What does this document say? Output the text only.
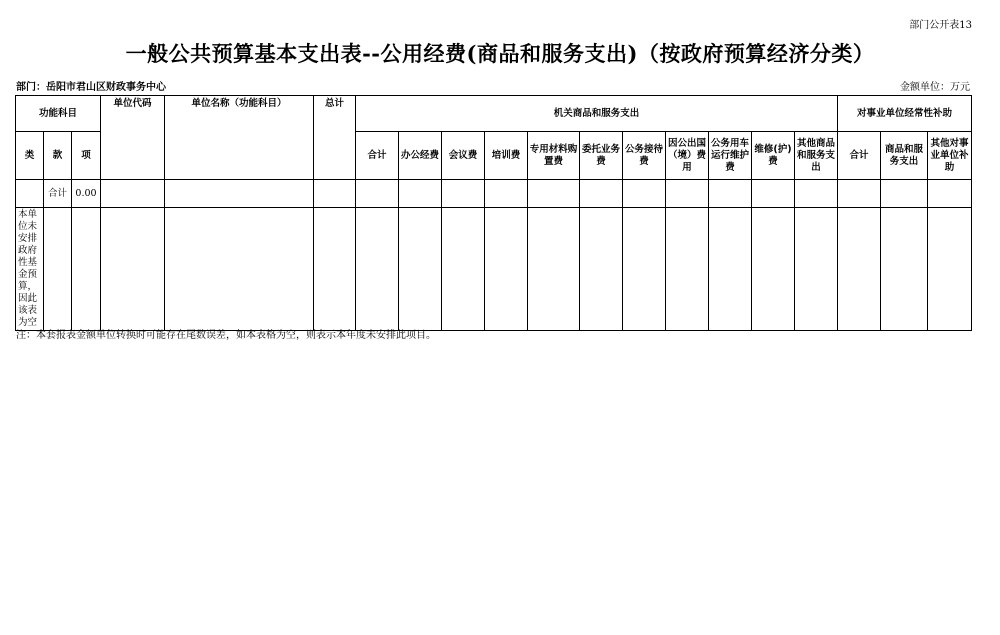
部门公开表13
一般公共预算基本支出表--公用经费(商品和服务支出)（按政府预算经济分类）
部门：岳阳市君山区财政事务中心	金额单位：万元
功能科目			单位代码	单位名称（功能科目）	总计	机关商品和服务支出											对事业单位经常性补助		
类	款	项				合计	办公经费	会议费	培训费	专用材料购置费	委托业务费	公务接待费	因公出国（境）费用	公务用车运行维护费	维修(护)费	其他商品和服务支出	合计	商品和服务支出	其他对事业单位补助
	合计	0.00																	
本单位未安排政府性基金预算，因此该表为空																			
注：本套报表金额单位转换时可能存在尾数误差，如本表格为空，则表示本年度未安排此项目。
